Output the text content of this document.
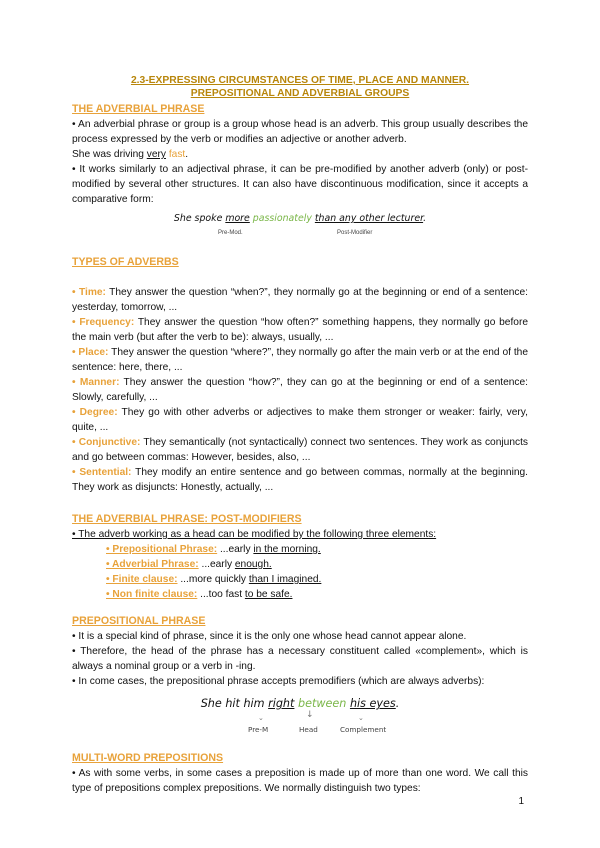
2.3-EXPRESSING CIRCUMSTANCES OF TIME, PLACE AND MANNER.
PREPOSITIONAL AND ADVERBIAL GROUPS
THE ADVERBIAL PHRASE

• An adverbial phrase or group is a group whose head is an adverb. This group usually describes the process expressed by the verb or modifies an adjective or another adverb.

She was driving very fast.

• It works similarly to an adjectival phrase, it can be pre-modified by another adverb (only) or post-modified by several other structures. It can also have discontinuous modification, since it accepts a comparative form:

She spoke more passionately than any other lecturer.
Pre-Mod.	Post-Modifier
TYPES OF ADVERBS

• Time: They answer the question “when?”, they normally go at the beginning or end of a sentence: yesterday, tomorrow, ...

• Frequency: They answer the question “how often?” something happens, they normally go before the main verb (but after the verb to be): always, usually, ...

• Place: They answer the question “where?”, they normally go after the main verb or at the end of the sentence: here, there, ...

• Manner: They answer the question “how?”, they can go at the beginning or end of a sentence: Slowly, carefully, ...

• Degree: They go with other adverbs or adjectives to make them stronger or weaker: fairly, very, quite, ...

• Conjunctive: They semantically (not syntactically) connect two sentences. They work as conjuncts and go between commas: However, besides, also, ...

• Sentential: They modify an entire sentence and go between commas, normally at the beginning. They work as disjuncts: Honestly, actually, ...

THE ADVERBIAL PHRASE: POST-MODIFIERS

• The adverb working as a head can be modified by the following three elements:

• Prepositional Phrase: ...early in the morning.

• Adverbial Phrase: ...early enough.

• Finite clause: ...more quickly than I imagined.

• Non finite clause: ...too fast to be safe.

PREPOSITIONAL PHRASE

• It is a special kind of phrase, since it is the only one whose head cannot appear alone.

• Therefore, the head of the phrase has a necessary constituent called «complement», which is always a nominal group or a verb in -ing.

• In come cases, the prepositional phrase accepts premodifiers (which are always adverbs):

She hit him right between his eyes.
⌄	↓	⌄
Pre-M	Head	Complement
MULTI-WORD PREPOSITIONS

• As with some verbs, in some cases a preposition is made up of more than one word. We call this type of prepositions complex prepositions. We normally distinguish two types:

1
